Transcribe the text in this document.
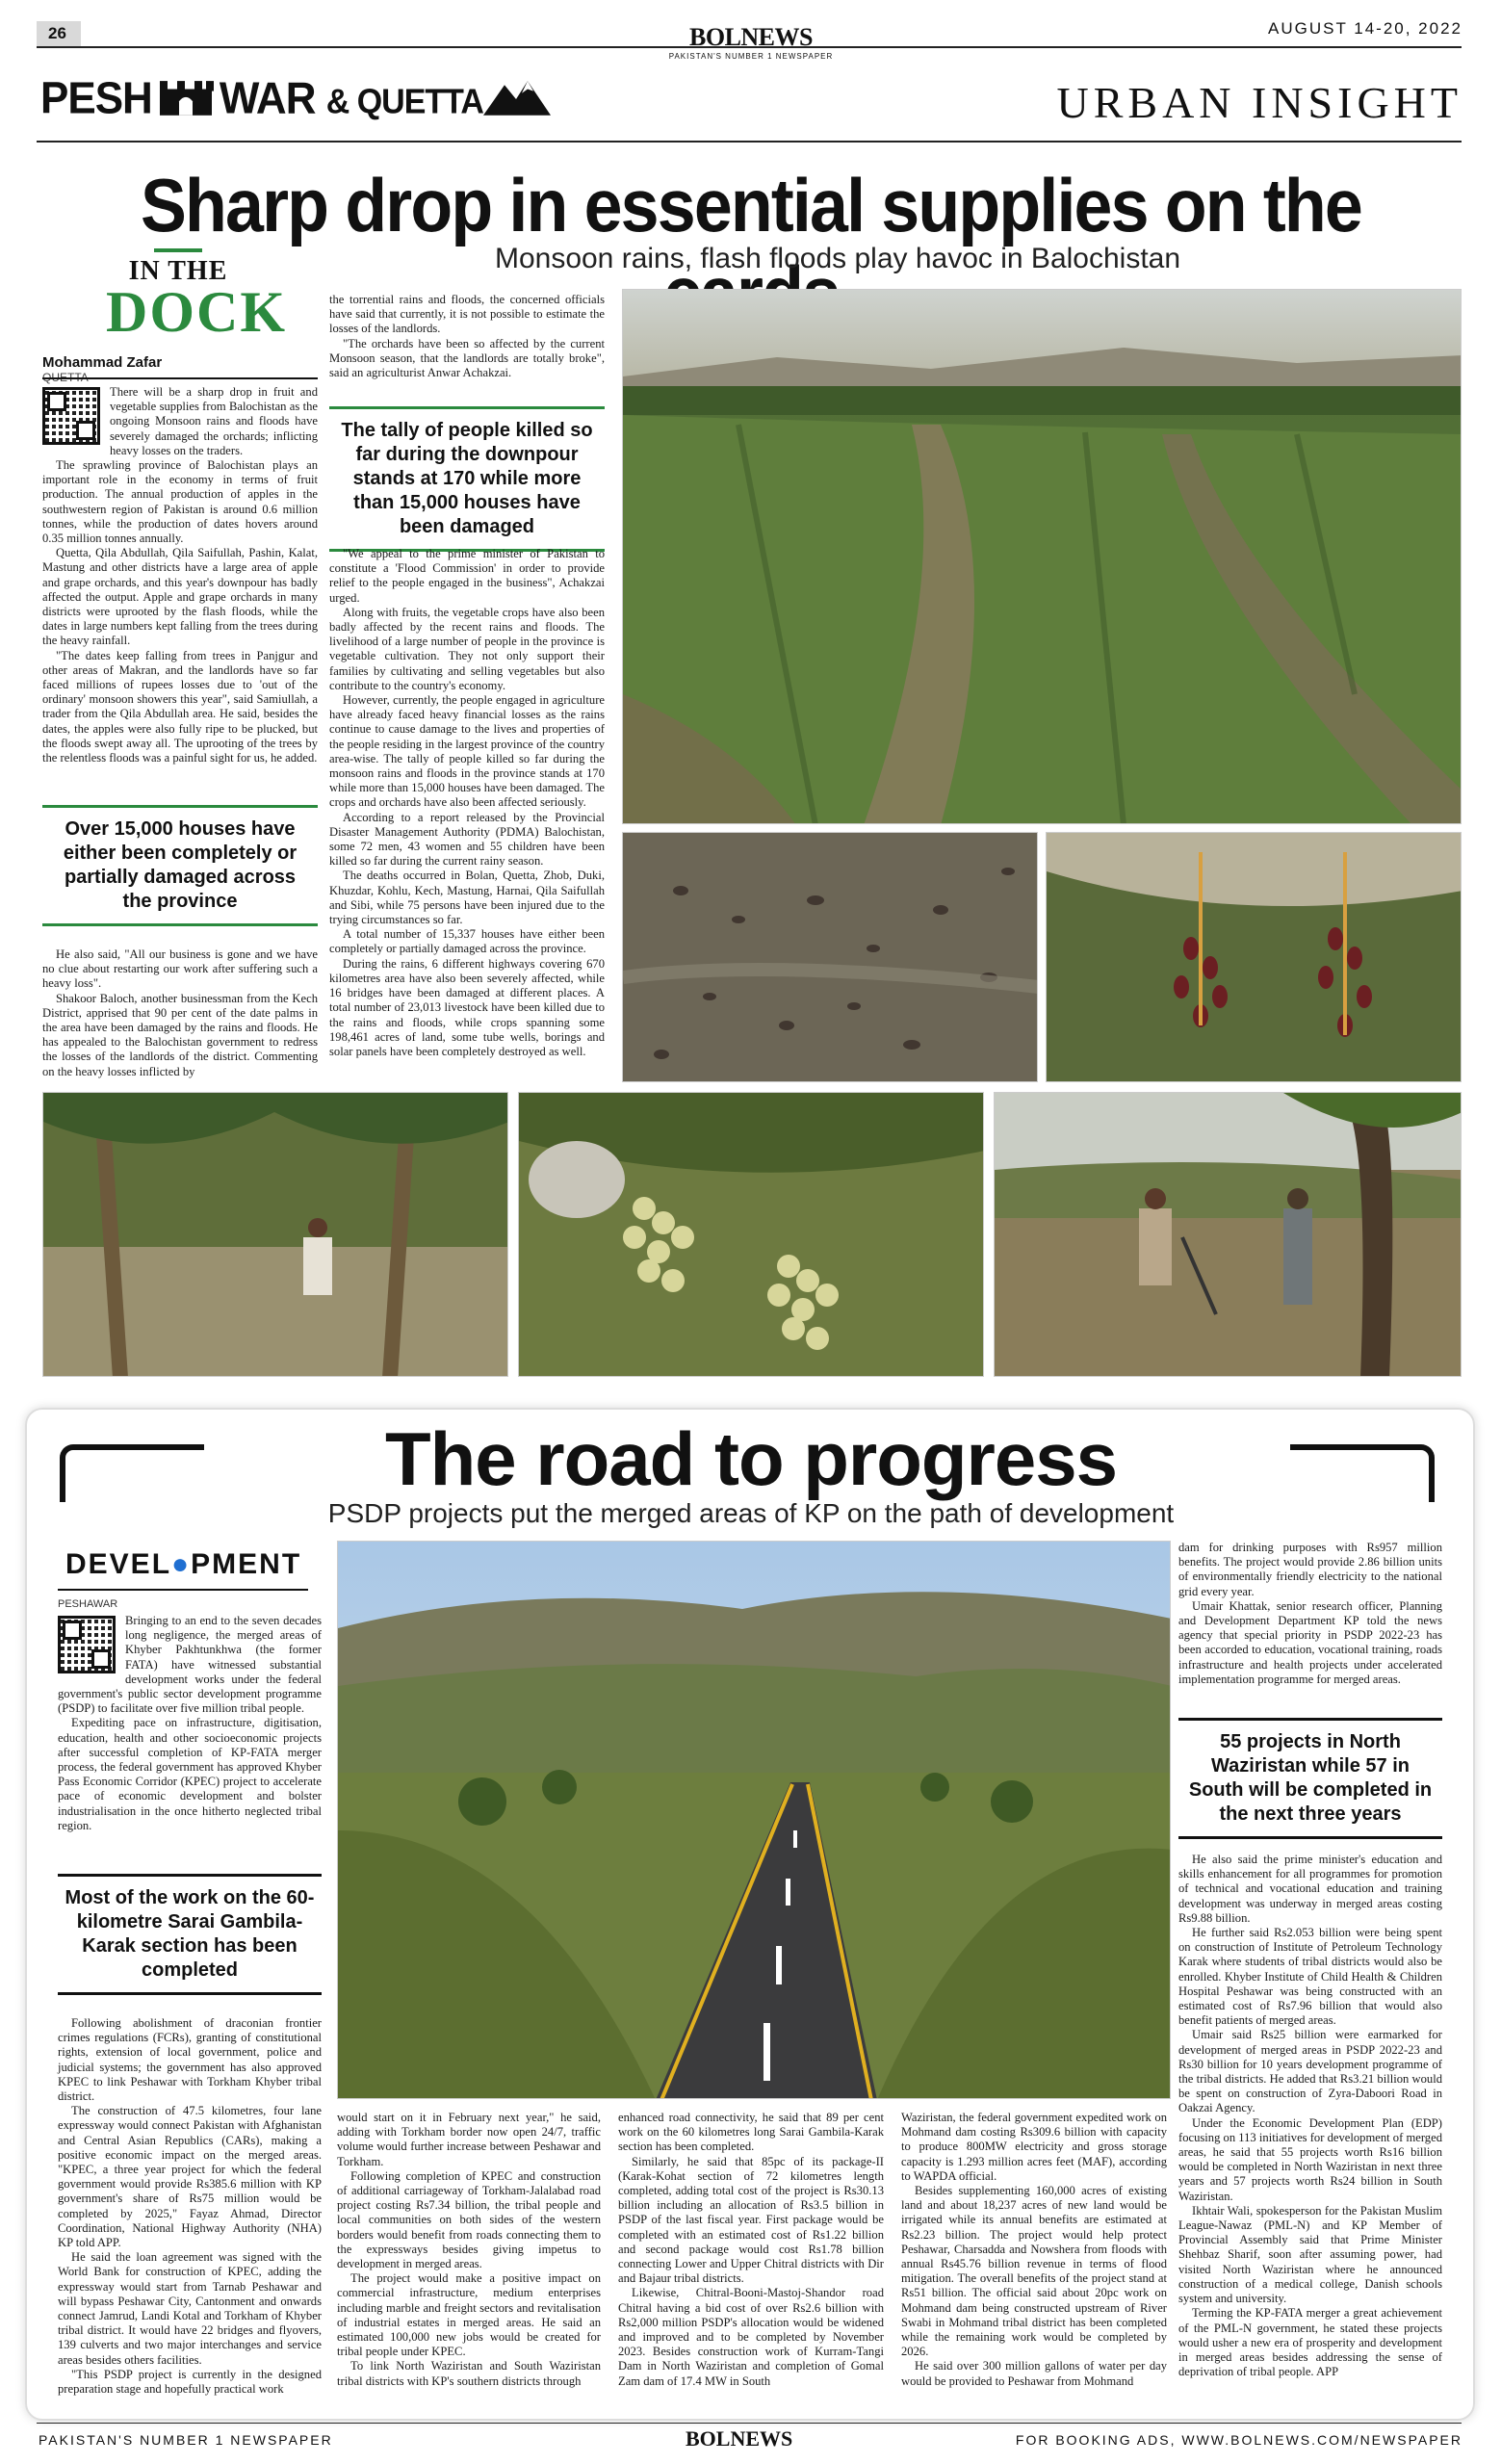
26	BOLNEWS
PAKISTAN'S NUMBER 1 NEWSPAPER
AUGUST 14-20, 2022
PESH WAR & QUETTA	URBAN INSIGHT
Sharp drop in essential supplies on the
Monsoon rains, flash floods play havoc in Balochistan
IN THE
DOCK
Mohammad Zafar

There will be a sharp drop in fruit and vegetable supplies from Balochistan as the ongoing Monsoon rains and floods have severely damaged the orchards; inflicting heavy losses on the traders.

The sprawling province of Balochistan plays an important role in the economy in terms of fruit production. The annual production of apples in the southwestern region of Pakistan is around 0.6 million tonnes, while the production of dates hovers around 0.35 million tonnes annually.

Quetta, Qila Abdullah, Qila Saifullah, Pashin, Kalat, Mastung and other districts have a large area of apple and grape orchards, and this year's downpour has badly affected the output. Apple and grape orchards in many districts were uprooted by the flash floods, while the dates in large numbers kept falling from the trees during the heavy rainfall.

"The dates keep falling from trees in Panjgur and other areas of Makran, and the landlords have so far faced millions of rupees losses due to 'out of the ordinary' monsoon showers this year", said Samiullah, a trader from the Qila Abdullah area. He said, besides the dates, the apples were also fully ripe to be plucked, but the floods swept away all. The uprooting of the trees by the relentless floods was a painful sight for us, he added.

Over 15,000 houses have either been completely or partially damaged across the province

He also said, "All our business is gone and we have no clue about restarting our work after suffering such a heavy loss".

Shakoor Baloch, another businessman from the Kech District, apprised that 90 per cent of the date palms in the area have been damaged by the rains and floods. He has appealed to the Balochistan government to redress the losses of the landlords of the district. Commenting on the heavy losses inflicted by

the torrential rains and floods, the concerned officials have said that currently, it is not possible to estimate the losses of the landlords.

"The orchards have been so affected by the current Monsoon season, that the landlords are totally broke", said an agriculturist Anwar Achakzai.

The tally of people killed so far during the downpour stands at 170 while more than 15,000 houses have been damaged

"We appeal to the prime minister of Pakistan to constitute a 'Flood Commission' in order to provide relief to the people engaged in the business", Achakzai urged.

Along with fruits, the vegetable crops have also been badly affected by the recent rains and floods. The livelihood of a large number of people in the province is vegetable cultivation. They not only support their families by cultivating and selling vegetables but also contribute to the country's economy.

However, currently, the people engaged in agriculture have already faced heavy financial losses as the rains continue to cause damage to the lives and properties of the people residing in the largest province of the country area-wise. The tally of people killed so far during the monsoon rains and floods in the province stands at 170 while more than 15,000 houses have been damaged. The crops and orchards have also been affected seriously.

According to a report released by the Provincial Disaster Management Authority (PDMA) Balochistan, some 72 men, 43 women and 55 children have been killed so far during the current rainy season.

The deaths occurred in Bolan, Quetta, Zhob, Duki, Khuzdar, Kohlu, Kech, Mastung, Harnai, Qila Saifullah and Sibi, while 75 persons have been injured due to the trying circumstances so far.

A total number of 15,337 houses have either been completely or partially damaged across the province.

During the rains, 6 different highways covering 670 kilometres area have also been severely affected, while 16 bridges have been damaged at different places. A total number of 23,013 livestock have been killed due to the rains and floods, while crops spanning some 198,461 acres of land, some tube wells, borings and solar panels have been completely destroyed as well.

The road to progress
PSDP projects put the merged areas of KP on the path of development
DEVEL●PMENT
PESHAWAR

Bringing to an end to the seven decades long negligence, the merged areas of Khyber Pakhtunkhwa (the former FATA) have witnessed substantial development works under the federal government's public sector development programme (PSDP) to facilitate over five million tribal people.

Expediting pace on infrastructure, digitisation, education, health and other socioeconomic projects after successful completion of KP-FATA merger process, the federal government has approved Khyber Pass Economic Corridor (KPEC) project to accelerate pace of economic development and bolster industrialisation in the once hitherto neglected tribal region.

Most of the work on the 60-kilometre Sarai Gambila-Karak section has been completed

Following abolishment of draconian frontier crimes regulations (FCRs), granting of constitutional rights, extension of local government, police and judicial systems; the government has also approved KPEC to link Peshawar with Torkham Khyber tribal district.

The construction of 47.5 kilometres, four lane expressway would connect Pakistan with Afghanistan and Central Asian Republics (CARs), making a positive economic impact on the merged areas. "KPEC, a three year project for which the federal government would provide Rs385.6 million with KP government's share of Rs75 million would be completed by 2025," Fayaz Ahmad, Director Coordination, National Highway Authority (NHA) KP told APP.

He said the loan agreement was signed with the World Bank for construction of KPEC, adding the expressway would start from Tarnab Peshawar and will bypass Peshawar City, Cantonment and onwards connect Jamrud, Landi Kotal and Torkham of Khyber tribal district. It would have 22 bridges and flyovers, 139 culverts and two major interchanges and service areas besides others facilities.

"This PSDP project is currently in the designed preparation stage and hopefully practical work

would start on it in February next year," he said, adding with Torkham border now open 24/7, traffic volume would further increase between Peshawar and Torkham.

Following completion of KPEC and construction of additional carriageway of Torkham-Jalalabad road project costing Rs7.34 billion, the tribal people and local communities on both sides of the western borders would benefit from roads connecting them to the expressways besides giving impetus to development in merged areas.

The project would make a positive impact on commercial infrastructure, medium enterprises including marble and freight sectors and revitalisation of industrial estates in merged areas. He said an estimated 100,000 new jobs would be created for tribal people under KPEC.

To link North Waziristan and South Waziristan tribal districts with KP's southern districts through

enhanced road connectivity, he said that 89 per cent work on the 60 kilometres long Sarai Gambila-Karak section has been completed.

Similarly, he said that 85pc of its package-II (Karak-Kohat section of 72 kilometres length completed, adding total cost of the project is Rs30.13 billion including an allocation of Rs3.5 billion in PSDP of the last fiscal year. First package would be completed with an estimated cost of Rs1.22 billion and second package would cost Rs1.78 billion connecting Lower and Upper Chitral districts with Dir and Bajaur tribal districts.

Likewise, Chitral-Booni-Mastoj-Shandor road Chitral having a bid cost of over Rs2.6 billion with Rs2,000 million PSDP's allocation would be widened and improved and to be completed by November 2023. Besides construction work of Kurram-Tangi Dam in North Waziristan and completion of Gomal Zam dam of 17.4 MW in South

Waziristan, the federal government expedited work on Mohmand dam costing Rs309.6 billion with capacity to produce 800MW electricity and gross storage capacity is 1.293 million acres feet (MAF), according to WAPDA official.

Besides supplementing 160,000 acres of existing land and about 18,237 acres of new land would be irrigated while its annual benefits are estimated at Rs2.23 billion. The project would help protect Peshawar, Charsadda and Nowshera from floods with annual Rs45.76 billion revenue in terms of flood mitigation. The overall benefits of the project stand at Rs51 billion. The official said about 20pc work on Mohmand dam being constructed upstream of River Swabi in Mohmand tribal district has been completed while the remaining work would be completed by 2026.

He said over 300 million gallons of water per day would be provided to Peshawar from Mohmand

dam for drinking purposes with Rs957 million benefits. The project would provide 2.86 billion units of environmentally friendly electricity to the national grid every year.

Umair Khattak, senior research officer, Planning and Development Department KP told the news agency that special priority in PSDP 2022-23 has been accorded to education, vocational training, roads infrastructure and health projects under accelerated implementation programme for merged areas.

55 projects in North Waziristan while 57 in South will be completed in the next three years

He also said the prime minister's education and skills enhancement for all programmes for promotion of technical and vocational education and training development was underway in merged areas costing Rs9.88 billion.

He further said Rs2.053 billion were being spent on construction of Institute of Petroleum Technology Karak where students of tribal districts would also be enrolled. Khyber Institute of Child Health & Children Hospital Peshawar was being constructed with an estimated cost of Rs7.96 billion that would also benefit patients of merged areas.

Umair said Rs25 billion were earmarked for development of merged areas in PSDP 2022-23 and Rs30 billion for 10 years development programme of the tribal districts. He added that Rs3.21 billion would be spent on construction of Zyra-Daboori Road in Oakzai Agency.

Under the Economic Development Plan (EDP) focusing on 113 initiatives for development of merged areas, he said that 55 projects worth Rs16 billion would be completed in North Waziristan in next three years and 57 projects worth Rs24 billion in South Waziristan.

Ikhtair Wali, spokesperson for the Pakistan Muslim League-Nawaz (PML-N) and KP Member of Provincial Assembly said that Prime Minister Shehbaz Sharif, soon after assuming power, had visited North Waziristan where he announced construction of a medical college, Danish schools system and university.

Terming the KP-FATA merger a great achievement of the PML-N government, he stated these projects would usher a new era of prosperity and development in merged areas besides addressing the sense of deprivation of tribal people. APP

PAKISTAN'S NUMBER 1 NEWSPAPER	BOLNEWS	FOR BOOKING ADS, WWW.BOLNEWS.COM/NEWSPAPER
